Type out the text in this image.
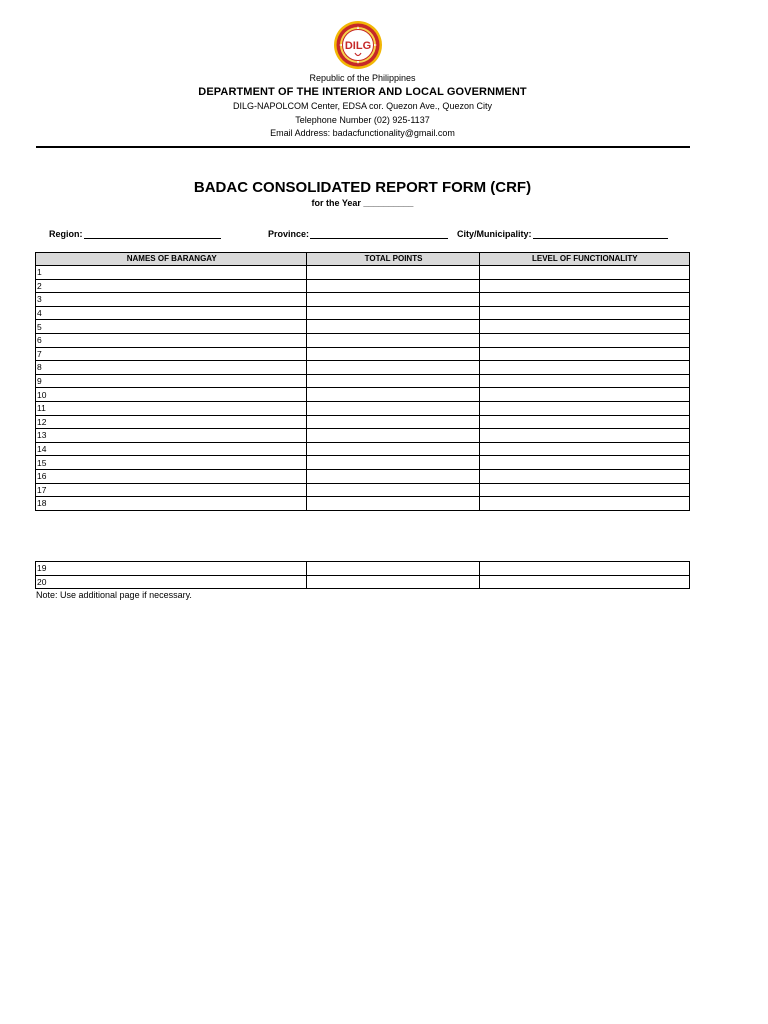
DILG
Republic of the Philippines
DEPARTMENT OF THE INTERIOR AND LOCAL GOVERNMENT
DILG-NAPOLCOM Center, EDSA cor. Quezon Ave., Quezon City
Telephone Number (02) 925-1137
Email Address: badacfunctionality@gmail.com
BADAC CONSOLIDATED REPORT FORM (CRF)
for the Year __________
Region:	Province:	City/Municipality:
NAMES OF BARANGAY	TOTAL POINTS	LEVEL OF FUNCTIONALITY
1		
2		
3		
4		
5		
6		
7		
8		
9		
10		
11		
12		
13		
14		
15		
16		
17		
18		
19		
20		
Note: Use additional page if necessary.
